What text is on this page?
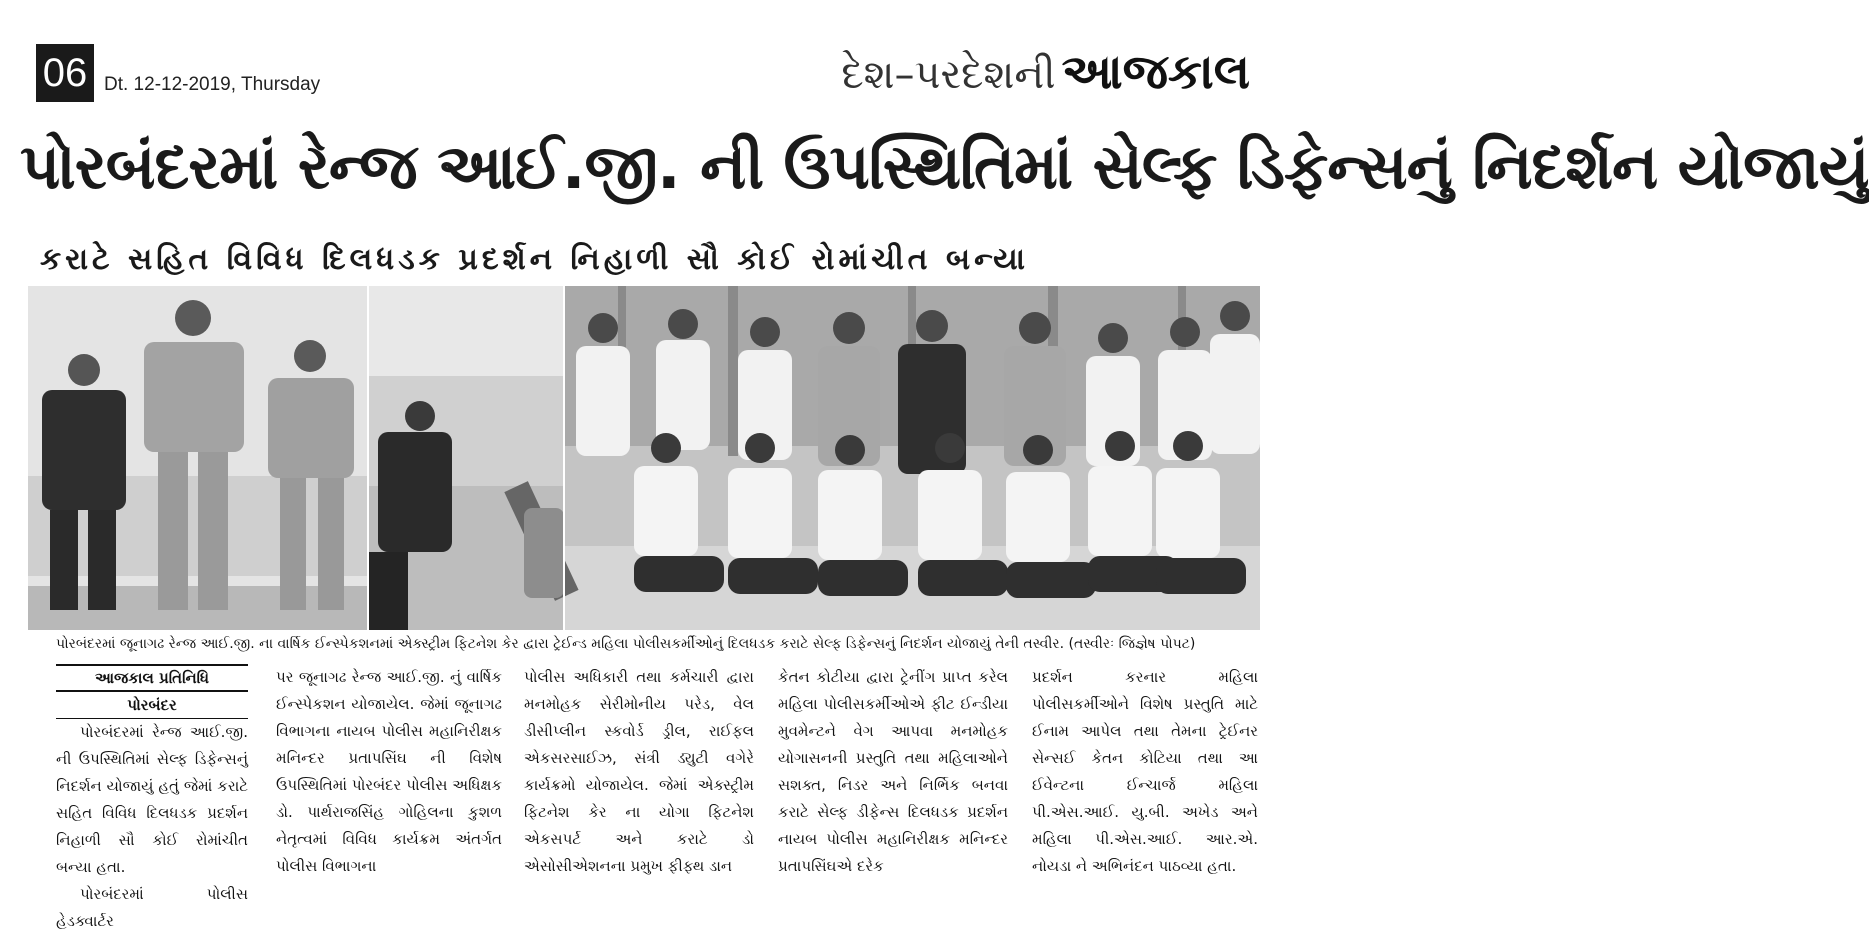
06 Dt. 12-12-2019, Thursday	દેશ–પરદેશની આજકાલ
પોરબંદરમાં રેન્જ આઈ.જી. ની ઉપસ્થિતિમાં સેલ્ફ ડિફેન્સનું નિદર્શન યોજાયું
કરાટે સહિત વિવિધ દિલધડક પ્રદર્શન નિહાળી સૌ કોઈ રોમાંચીત બન્યા
પોરબંદરમાં જૂનાગઢ રેન્જ આઈ.જી. ના વાર્ષિક ઈન્સ્પેકશનમાં એક્સ્ટ્રીમ ફિટનેશ કેર દ્વારા ટ્રેઈન્ડ મહિલા પોલીસકર્મીઓનું દિલધડક કરાટે સેલ્ફ ડિફેન્સનું નિદર્શન યોજાયું તેની તસ્વીર. (તસ્વીરઃ જિજ્ઞેષ પોપટ)
આજકાલ પ્રતિનિધિ
પોરબંદર

પોરબંદરમાં રેન્જ આઈ.જી. ની ઉપસ્થિતિમાં સેલ્ફ ડિફેન્સનું નિદર્શન યોજાયું હતું જેમાં કરાટે સહિત વિવિધ દિલધડક પ્રદર્શન નિહાળી સૌ કોઈ રોમાંચીત બન્યા હતા.

પોરબંદરમાં પોલીસ હેડક્વાર્ટર

પર જૂનાગઢ રેન્જ આઈ.જી. નું વાર્ષિક ઈન્સ્પેકશન યોજાયેલ. જેમાં જૂનાગઢ વિભાગના નાયબ પોલીસ મહાનિરીક્ષક મનિન્દર પ્રતાપસિંઘ ની વિશેષ ઉપસ્થિતિમાં પોરબંદર પોલીસ અધિક્ષક ડો. પાર્થરાજસિંહ ગોહિલના કુશળ નેતૃત્વમાં વિવિધ કાર્યક્રમ અંતર્ગત પોલીસ વિભાગના

પોલીસ અધિકારી તથા કર્મચારી દ્વારા મનમોહક સેરીમોનીય પરેડ, વેલ ડીસીપ્લીન સ્કવોર્ડ ડ્રીલ, રાઈફલ એકસરસાઈઝ, સંત્રી ડ્યુટી વગેરે કાર્યક્રમો યોજાયેલ. જેમાં એક્સ્ટ્રીમ ફિટનેશ કેર ના યોગા ફિટનેશ એકસપર્ટ અને કરાટે ડો એસોસીએશનના પ્રમુખ ફીફ્થ ડાન

કેતન કોટીયા દ્વારા ટ્રેનીંગ પ્રાપ્ત કરેલ મહિલા પોલીસકર્મીઓએ ફીટ ઈન્ડીયા મુવમેન્ટને વેગ આપવા મનમોહક યોગાસનની પ્રસ્તુતિ તથા મહિલાઓને સશક્ત, નિડર અને નિર્ભિક બનવા કરાટે સેલ્ફ ડીફેન્સ દિલધડક પ્રદર્શન નાયબ પોલીસ મહાનિરીક્ષક મનિન્દર પ્રતાપસિંઘએ દરેક

પ્રદર્શન કરનાર મહિલા પોલીસકર્મીઓને વિશેષ પ્રસ્તુતિ માટે ઈનામ આપેલ તથા તેમના ટ્રેઈનર સેન્સઈ કેતન કોટિયા તથા આ ઈવેન્ટના ઈન્ચાર્જ મહિલા પી.એસ.આઈ. યુ.બી. અખેડ અને મહિલા પી.એસ.આઈ. આર.એ. નોયડા ને અભિનંદન પાઠવ્યા હતા.
